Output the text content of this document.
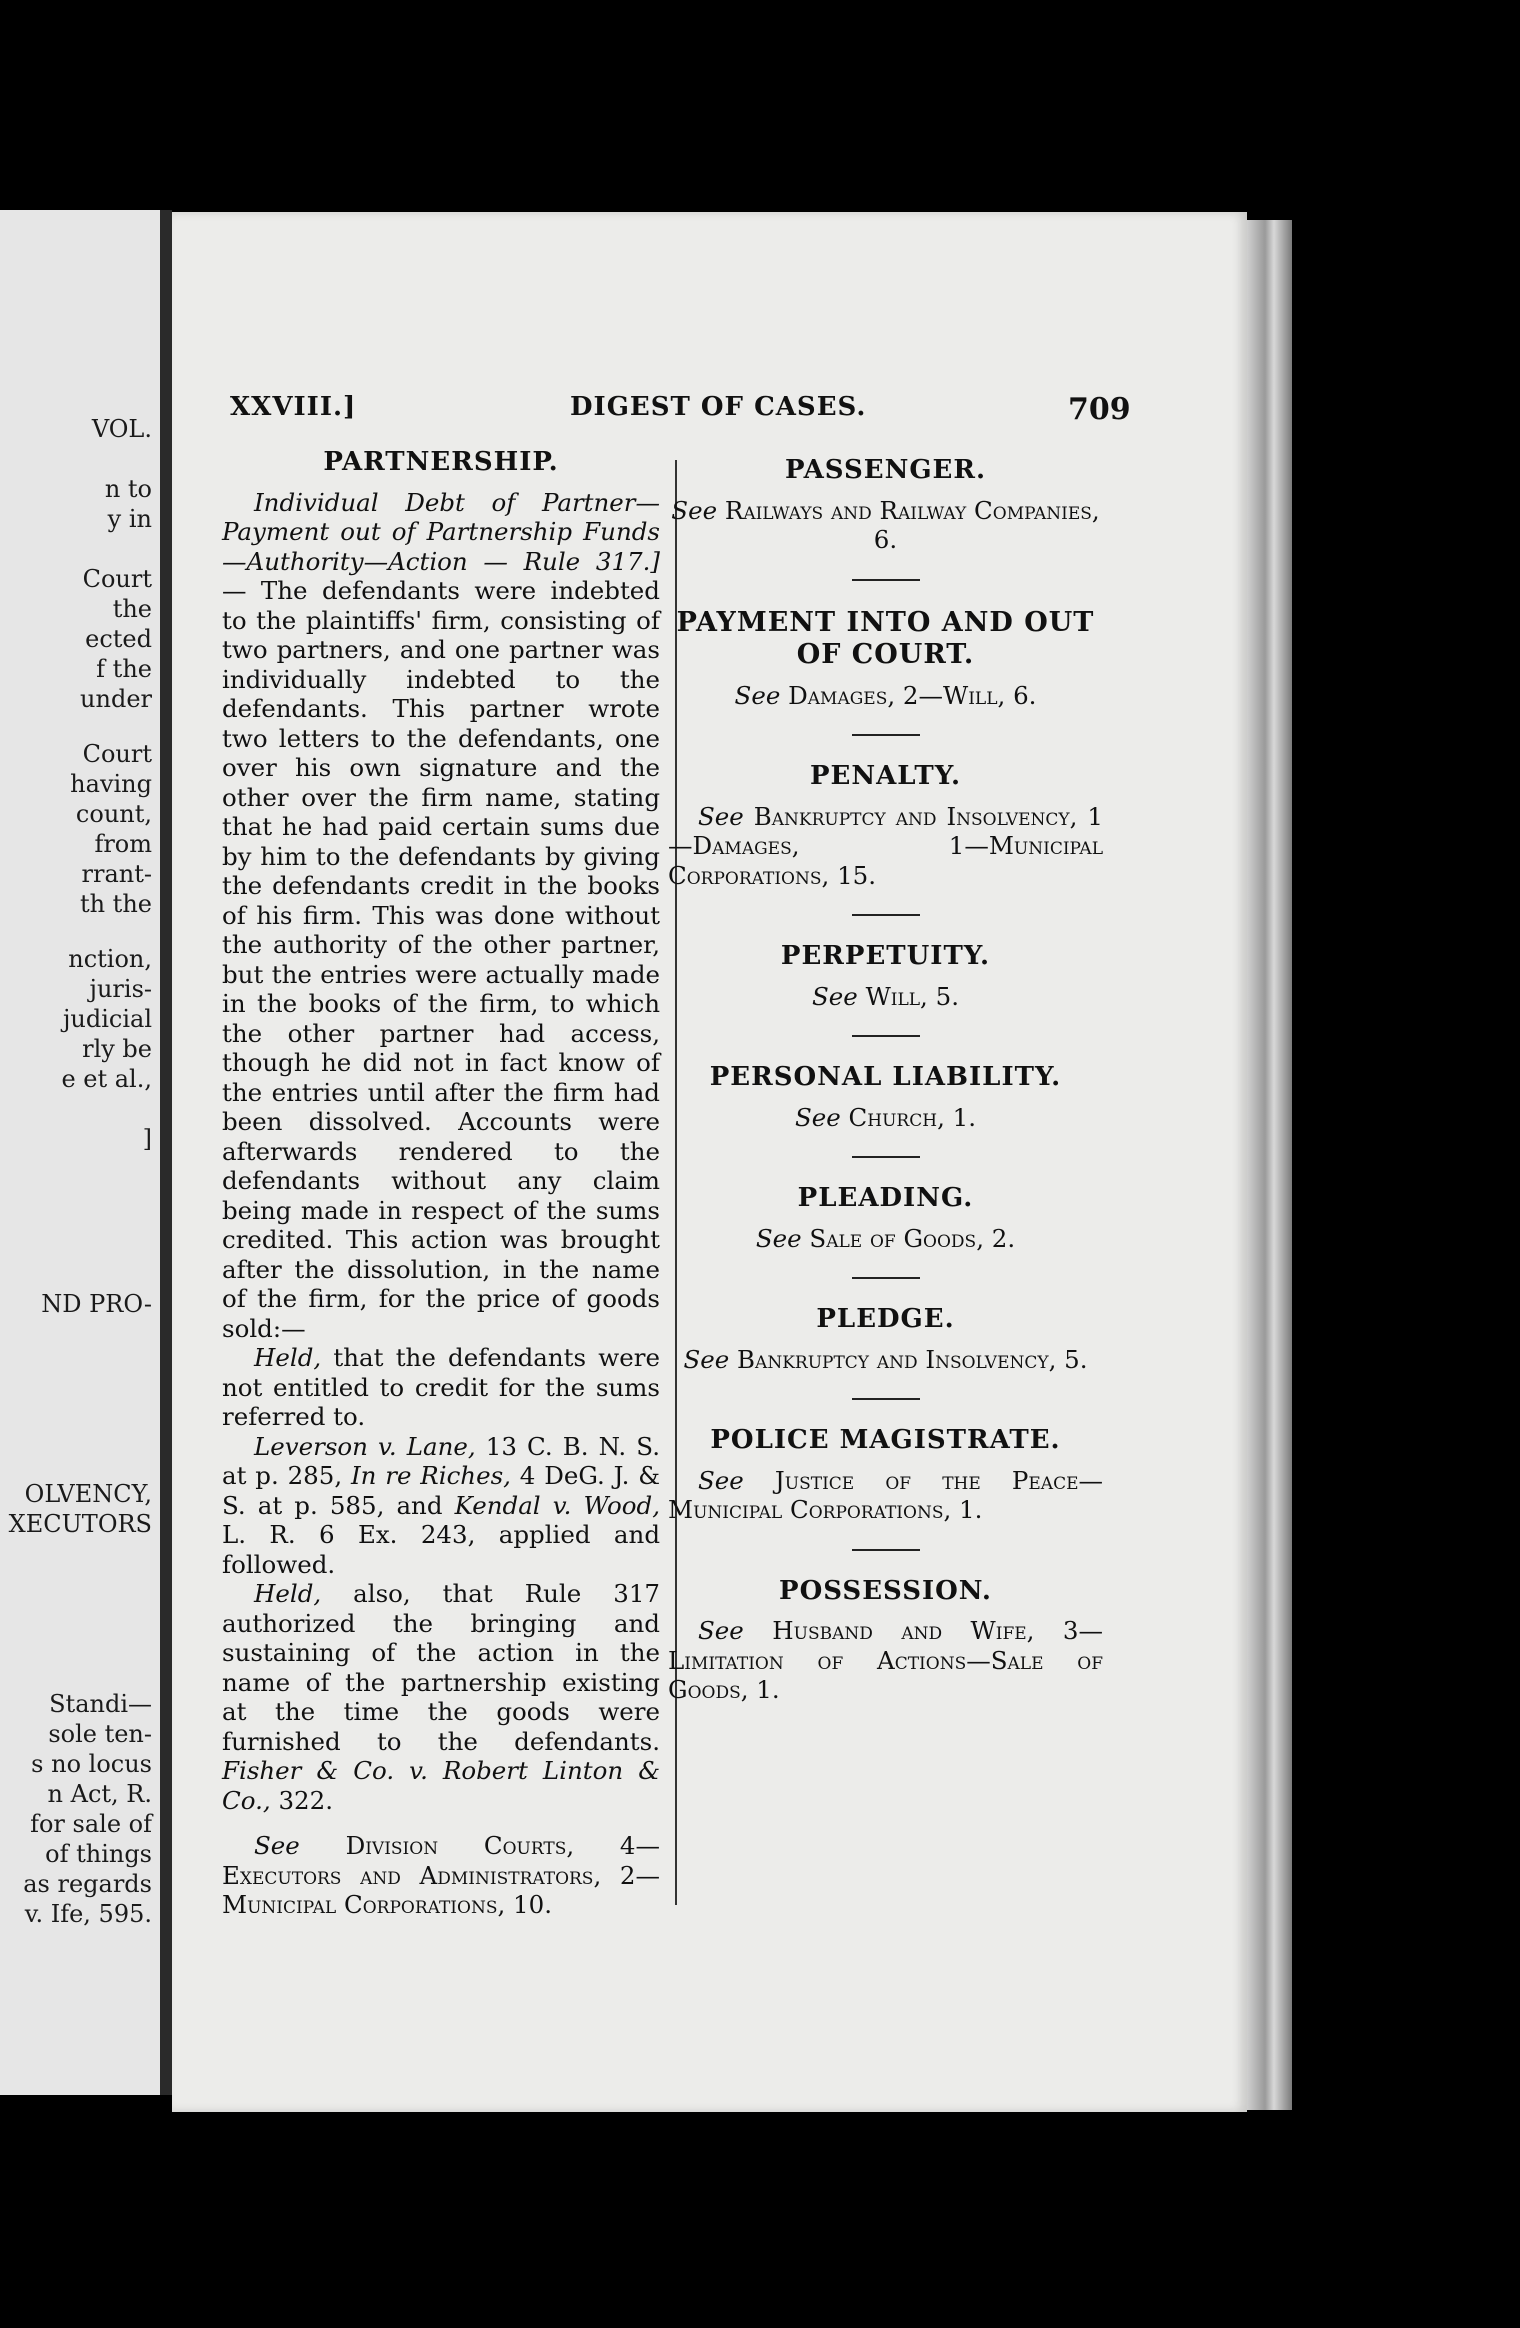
VOL.
n to
y in
Court
the
ected
f the
under
Court
having
count,
from
rrant-
th the
nction,
juris-
judicial
rly be
e et al.,
]
ND PRO-
OLVENCY,
XECUTORS
Standi—
sole ten-
s no locus
n Act, R.
for sale of
of things
as regards
v. Ife, 595.
XXVIII.]	DIGEST OF CASES.	709
PARTNERSHIP.

Individual Debt of Partner—Payment out of Partnership Funds—Authority—Action — Rule 317.]— The defendants were indebted to the plaintiffs' firm, consisting of two partners, and one partner was individually indebted to the defendants. This partner wrote two letters to the defendants, one over his own signature and the other over the firm name, stating that he had paid certain sums due by him to the defendants by giving the defendants credit in the books of his firm. This was done without the authority of the other partner, but the entries were actually made in the books of the firm, to which the other partner had access, though he did not in fact know of the entries until after the firm had been dissolved. Accounts were afterwards rendered to the defendants without any claim being made in respect of the sums credited. This action was brought after the dissolution, in the name of the firm, for the price of goods sold:—

Held, that the defendants were not entitled to credit for the sums referred to.

Leverson v. Lane, 13 C. B. N. S. at p. 285, In re Riches, 4 DeG. J. & S. at p. 585, and Kendal v. Wood, L. R. 6 Ex. 243, applied and followed.

Held, also, that Rule 317 authorized the bringing and sustaining of the action in the name of the partnership existing at the time the goods were furnished to the defendants. Fisher & Co. v. Robert Linton & Co., 322.

See Division Courts, 4—Executors and Administrators, 2—Municipal Corporations, 10.

PASSENGER.

See Railways and Railway Companies, 6.

PAYMENT INTO AND OUT OF COURT.

See Damages, 2—Will, 6.

PENALTY.

See Bankruptcy and Insolvency, 1—Damages, 1—Municipal Corporations, 15.

PERPETUITY.

See Will, 5.

PERSONAL LIABILITY.

See Church, 1.

PLEADING.

See Sale of Goods, 2.

PLEDGE.

See Bankruptcy and Insolvency, 5.

POLICE MAGISTRATE.

See Justice of the Peace—Municipal Corporations, 1.

POSSESSION.

See Husband and Wife, 3—Limitation of Actions—Sale of Goods, 1.
